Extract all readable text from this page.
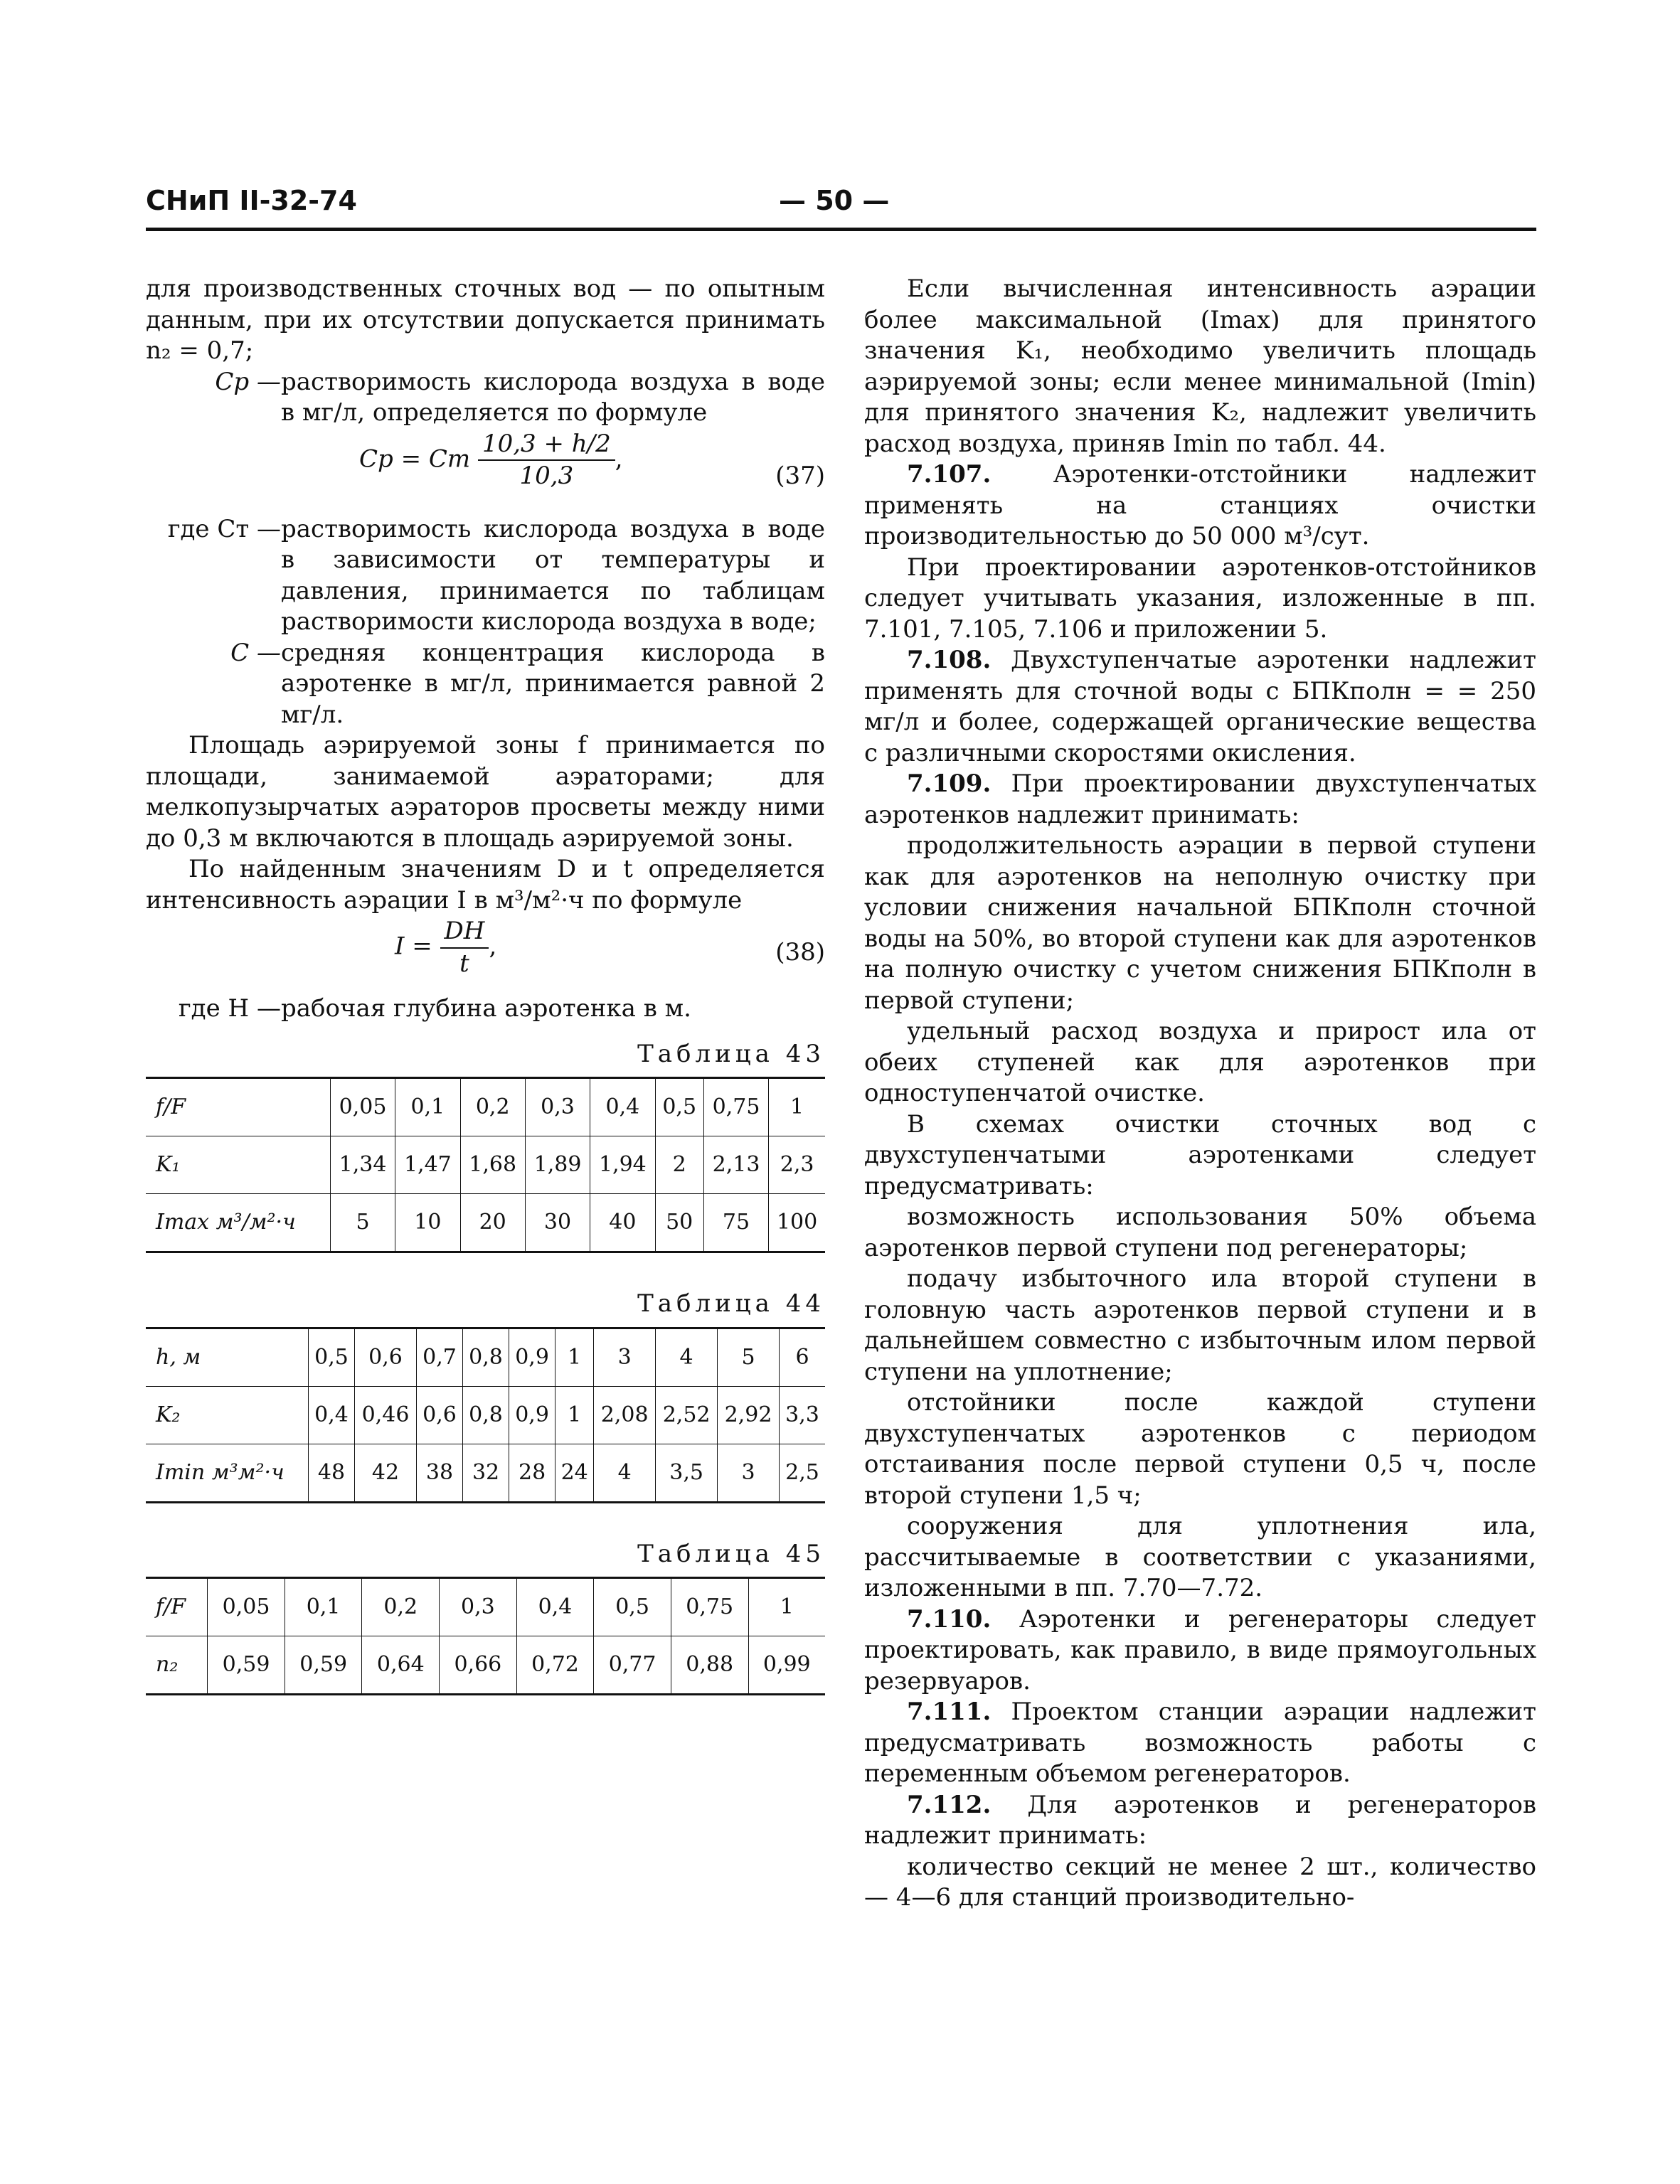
СНиП II-32-74	— 50 —

для производственных сточных вод — по опытным данным, при их отсутствии допускается принимать n₂ = 0,7;

Cр — растворимость кислорода воздуха в воде в мг/л, определяется по формуле
Cр = Cт $\frac{10,3 + h/2}{10,3}$ ,
(37)
где Cт — растворимость кислорода воздуха в воде в зависимости от температуры и давления, принимается по таблицам растворимости кислорода воздуха в воде;
C — средняя концентрация кислорода в аэротенке в мг/л, принимается равной 2 мг/л.

Площадь аэрируемой зоны f принимается по площади, занимаемой аэраторами; для мелкопузырчатых аэраторов просветы между ними до 0,3 м включаются в площадь аэрируемой зоны.

По найденным значениям D и t определяется интенсивность аэрации I в м³/м²·ч по формуле

$I = \frac{DH}{t}$ ,	(38)
где H — рабочая глубина аэротенка в м.
Таблица 43
f/F	0,05	0,1	0,2	0,3	0,4	0,5	0,75	1
K₁	1,34	1,47	1,68	1,89	1,94	2	2,13	2,3
Imax м³/м²·ч	5	10	20	30	40	50	75	100
Таблица 44
h, м	0,5	0,6	0,7	0,8	0,9	1	3	4	5	6
K₂	0,4	0,46	0,6	0,8	0,9	1	2,08	2,52	2,92	3,3
Imin м³м²·ч	48	42	38	32	28	24	4	3,5	3	2,5
Таблица 45
f/F	0,05	0,1	0,2	0,3	0,4	0,5	0,75	1
n₂	0,59	0,59	0,64	0,66	0,72	0,77	0,88	0,99

Если вычисленная интенсивность аэрации более максимальной (Imax) для принятого значения K₁, необходимо увеличить площадь аэрируемой зоны; если менее минимальной (Imin) для принятого значения K₂, надлежит увеличить расход воздуха, приняв Imin по табл. 44.

7.107.	Аэротенки-отстойники надлежит применять на станциях очистки производительностью до 50 000 м³/сут.

При проектировании аэротенков-отстойников следует учитывать указания, изложенные в пп. 7.101, 7.105, 7.106 и приложении 5.

7.108. Двухступенчатые аэротенки надлежит применять для сточной воды с БПКполн = = 250 мг/л и более, содержащей органические вещества с различными скоростями окисления.

7.109. При проектировании двухступенчатых аэротенков надлежит принимать:

продолжительность аэрации в первой ступени как для аэротенков на неполную очистку при условии снижения начальной БПКполн сточной воды на 50%, во второй ступени как для аэротенков на полную очистку с учетом снижения БПКполн в первой ступени;

удельный расход воздуха и прирост ила от обеих ступеней как для аэротенков при одноступенчатой очистке.

В схемах очистки сточных вод с двухступенчатыми аэротенками следует предусматривать:

возможность использования 50% объема аэротенков первой ступени под регенераторы;

подачу избыточного ила второй ступени в головную часть аэротенков первой ступени и в дальнейшем совместно с избыточным илом первой ступени на уплотнение;

отстойники после каждой ступени двухступенчатых аэротенков с периодом отстаивания после первой ступени 0,5 ч, после второй ступени 1,5 ч;

сооружения для уплотнения ила, рассчитываемые в соответствии с указаниями, изложенными в пп. 7.70—7.72.

7.110. Аэротенки и регенераторы следует проектировать, как правило, в виде прямоугольных резервуаров.

7.111. Проектом станции аэрации надлежит предусматривать возможность работы с переменным объемом регенераторов.

7.112. Для аэротенков и регенераторов надлежит принимать:

количество секций не менее 2 шт., количество — 4—6 для станций производительно-
